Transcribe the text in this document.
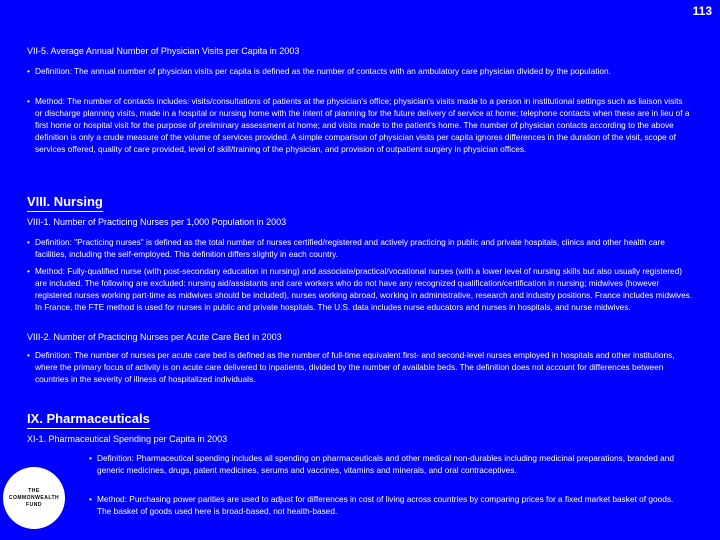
113
VII-5. Average Annual Number of Physician Visits per Capita in 2003
• Definition: The annual number of physician visits per capita is defined as the number of contacts with an ambulatory care physician divided by the population.
• Method: The number of contacts includes: visits/consultations of patients at the physician's office; physician's visits made to a person in institutional settings such as liaison visits or discharge planning visits, made in a hospital or nursing home with the intent of planning for the future delivery of service at home; telephone contacts when these are in lieu of a first home or hospital visit for the purpose of preliminary assessment at home; and visits made to the patient's home. The number of physician contacts according to the above definition is only a crude measure of the volume of services provided. A simple comparison of physician visits per capita ignores differences in the duration of the visit, scope of services offered, quality of care provided, level of skill/training of the physician, and provision of outpatient surgery in physician offices.
VIII. Nursing
VIII-1. Number of Practicing Nurses per 1,000 Population in 2003
• Definition: "Practicing nurses" is defined as the total number of nurses certified/registered and actively practicing in public and private hospitals, clinics and other health care facilities, including the self-employed. This definition differs slightly in each country.
• Method: Fully-qualified nurse (with post-secondary education in nursing) and associate/practical/vocational nurses (with a lower level of nursing skills but also usually registered) are included. The following are excluded: nursing aid/assistants and care workers who do not have any recognized qualification/certification in nursing; midwives (however registered nurses working part-time as midwives should be included), nurses working abroad, working in administrative, research and industry positions. France includes midwives. In France, the FTE method is used for nurses in public and private hospitals. The U.S. data includes nurse educators and nurses in hospitals, and nurse midwives.
VIII-2. Number of Practicing Nurses per Acute Care Bed in 2003
• Definition: The number of nurses per acute care bed is defined as the number of full-time equivalent first- and second-level nurses employed in hospitals and other institutions, where the primary focus of activity is on acute care delivered to inpatients, divided by the number of available beds. The definition does not account for differences between countries in the severity of illness of hospitalized individuals.
IX. Pharmaceuticals
XI-1. Pharmaceutical Spending per Capita in 2003
• Definition: Pharmaceutical spending includes all spending on pharmaceuticals and other medical non-durables including medicinal preparations, branded and generic medicines, drugs, patent medicines, serums and vaccines, vitamins and minerals, and oral contraceptives.
• Method: Purchasing power parities are used to adjust for differences in cost of living across countries by comparing prices for a fixed market basket of goods. The basket of goods used here is broad-based, not health-based.
THE
COMMONWEALTH
FUND
